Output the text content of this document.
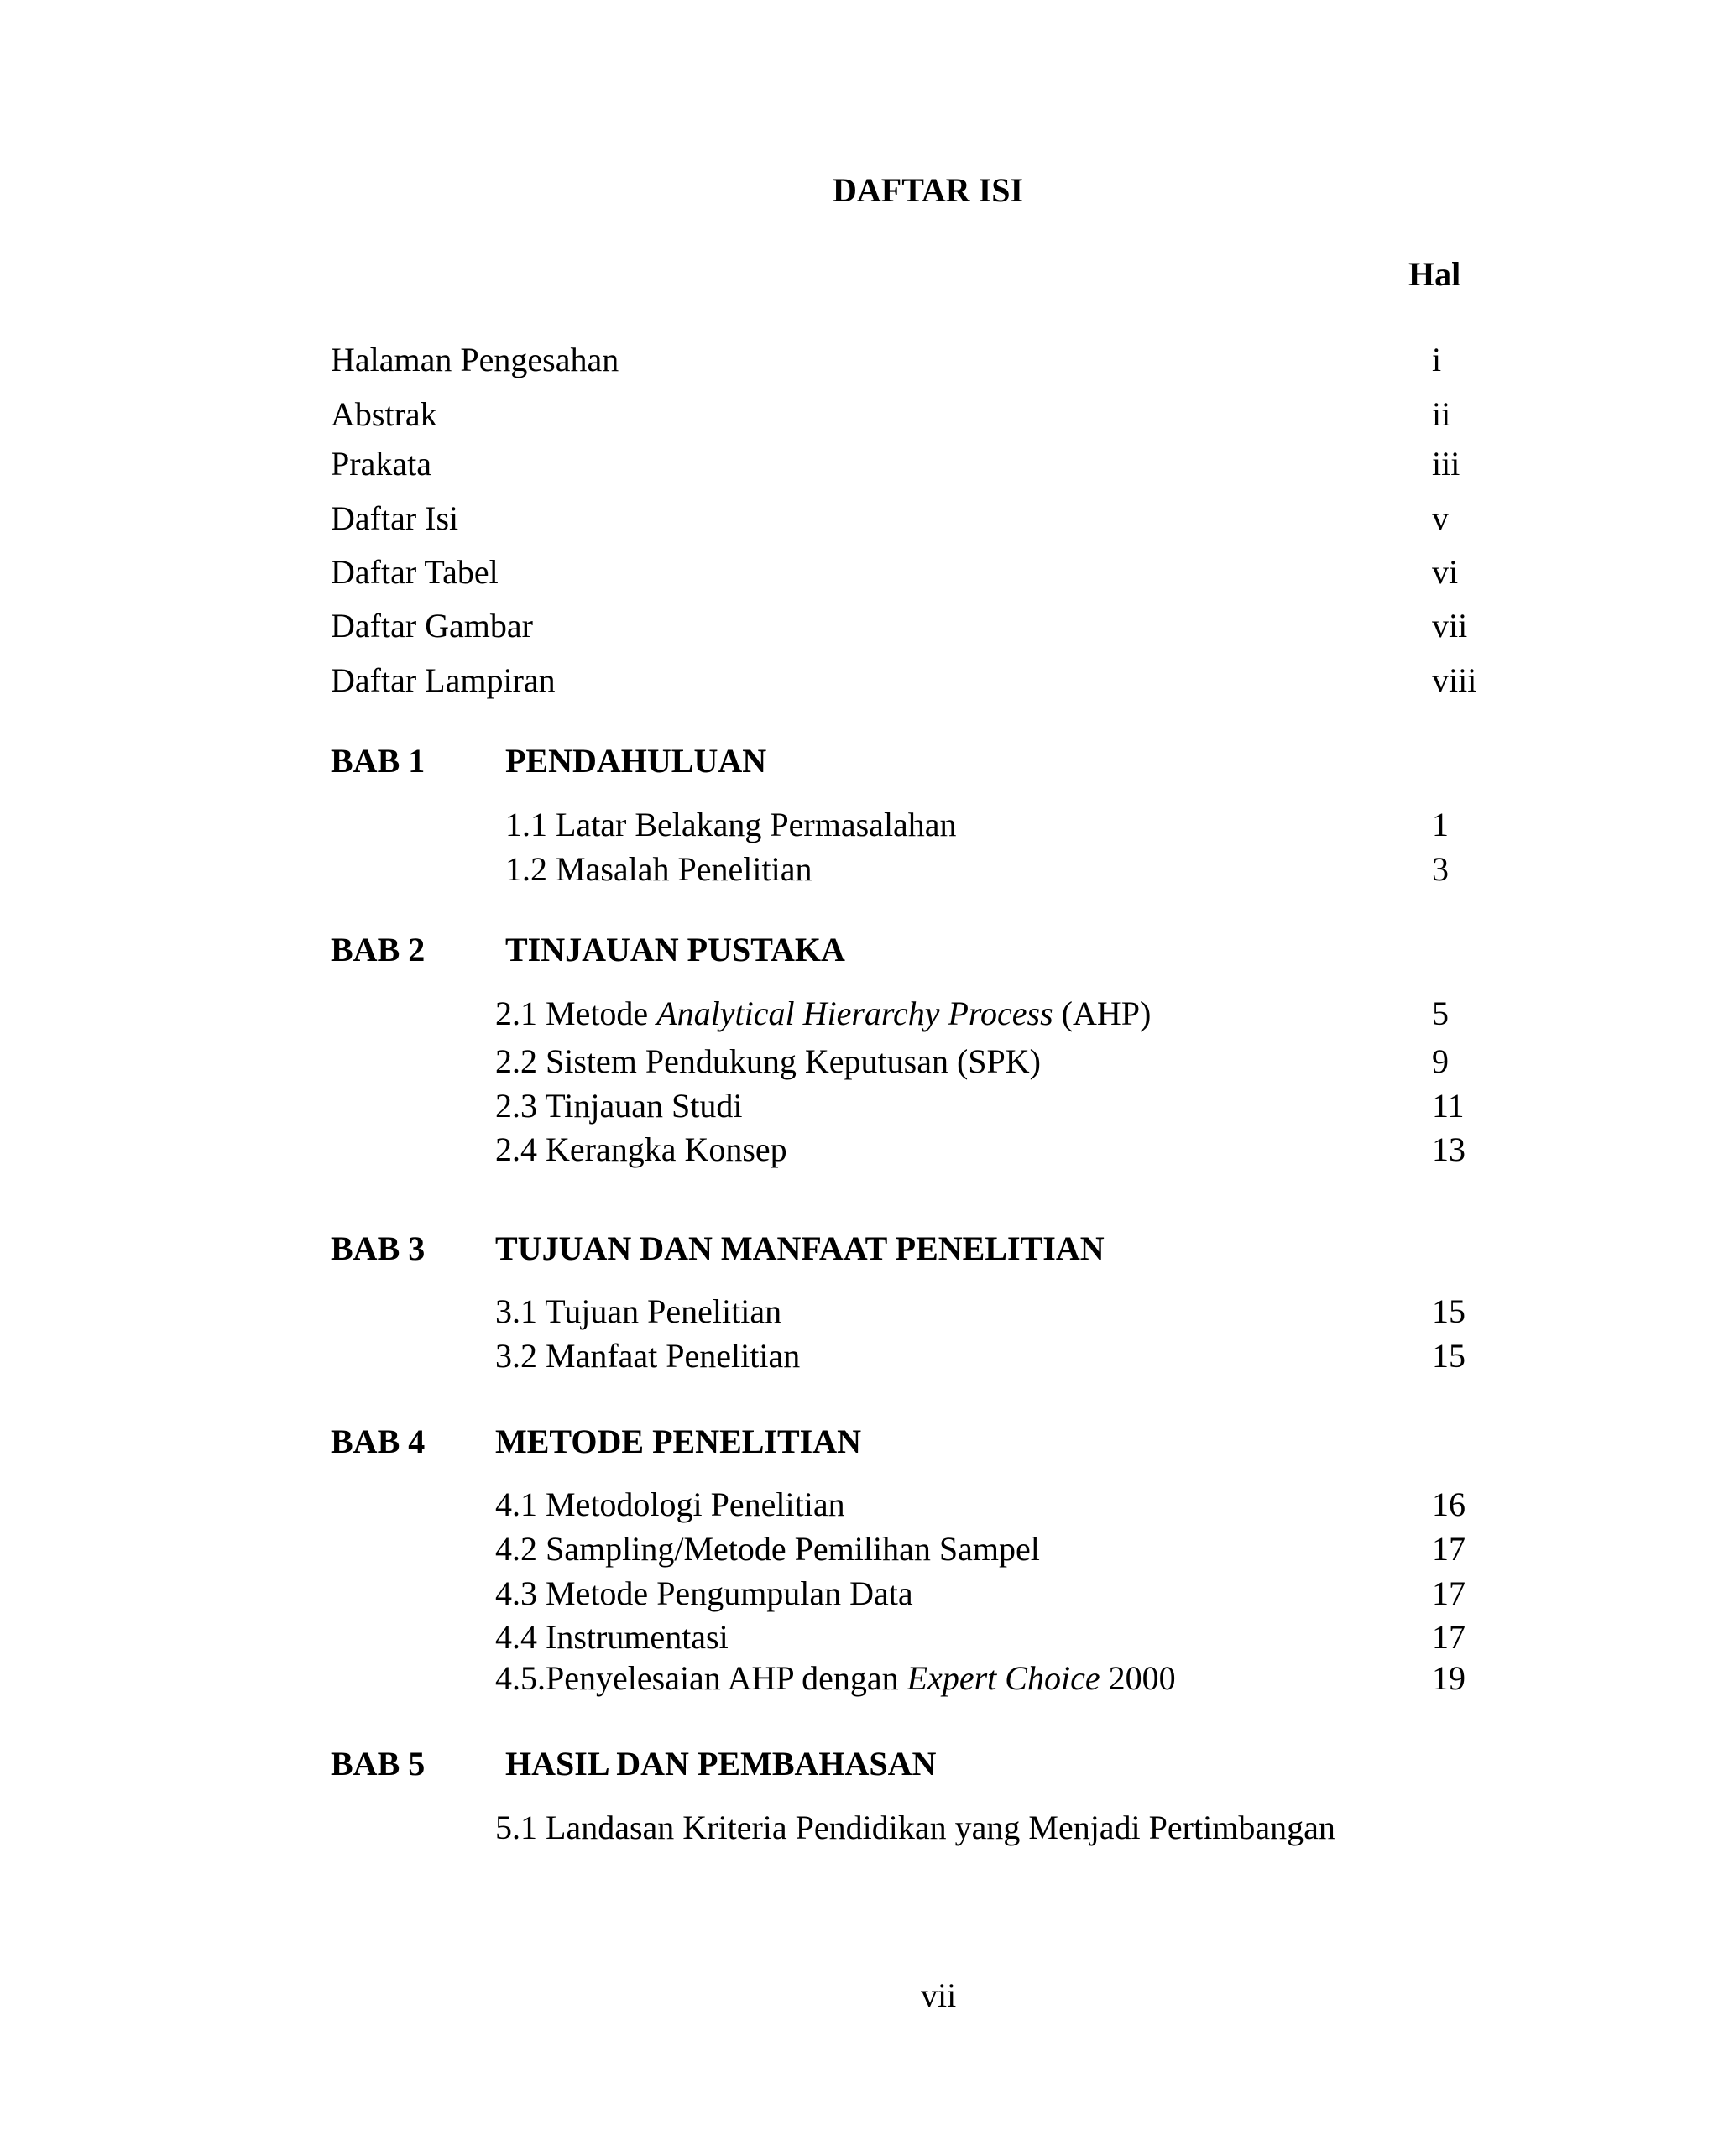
DAFTAR ISI
Hal
Halaman Pengesahan	i
Abstrak	ii
Prakata	iii
Daftar Isi	v
Daftar Tabel	vi
Daftar Gambar	vii
Daftar Lampiran	viii
BAB 1 PENDAHULUAN
1.1 Latar Belakang Permasalahan	1
1.2 Masalah Penelitian	3
BAB 2 TINJAUAN PUSTAKA
2.1 Metode Analytical Hierarchy Process (AHP)	5
2.2 Sistem Pendukung Keputusan (SPK)	9
2.3 Tinjauan Studi	11
2.4 Kerangka Konsep	13
BAB 3 TUJUAN DAN MANFAAT PENELITIAN
3.1 Tujuan Penelitian	15
3.2 Manfaat Penelitian	15
BAB 4 METODE PENELITIAN
4.1 Metodologi Penelitian	16
4.2 Sampling/Metode Pemilihan Sampel	17
4.3 Metode Pengumpulan Data	17
4.4 Instrumentasi	17
4.5.Penyelesaian AHP dengan Expert Choice 2000	19
BAB 5 HASIL DAN PEMBAHASAN
5.1 Landasan Kriteria Pendidikan yang Menjadi Pertimbangan
vii
